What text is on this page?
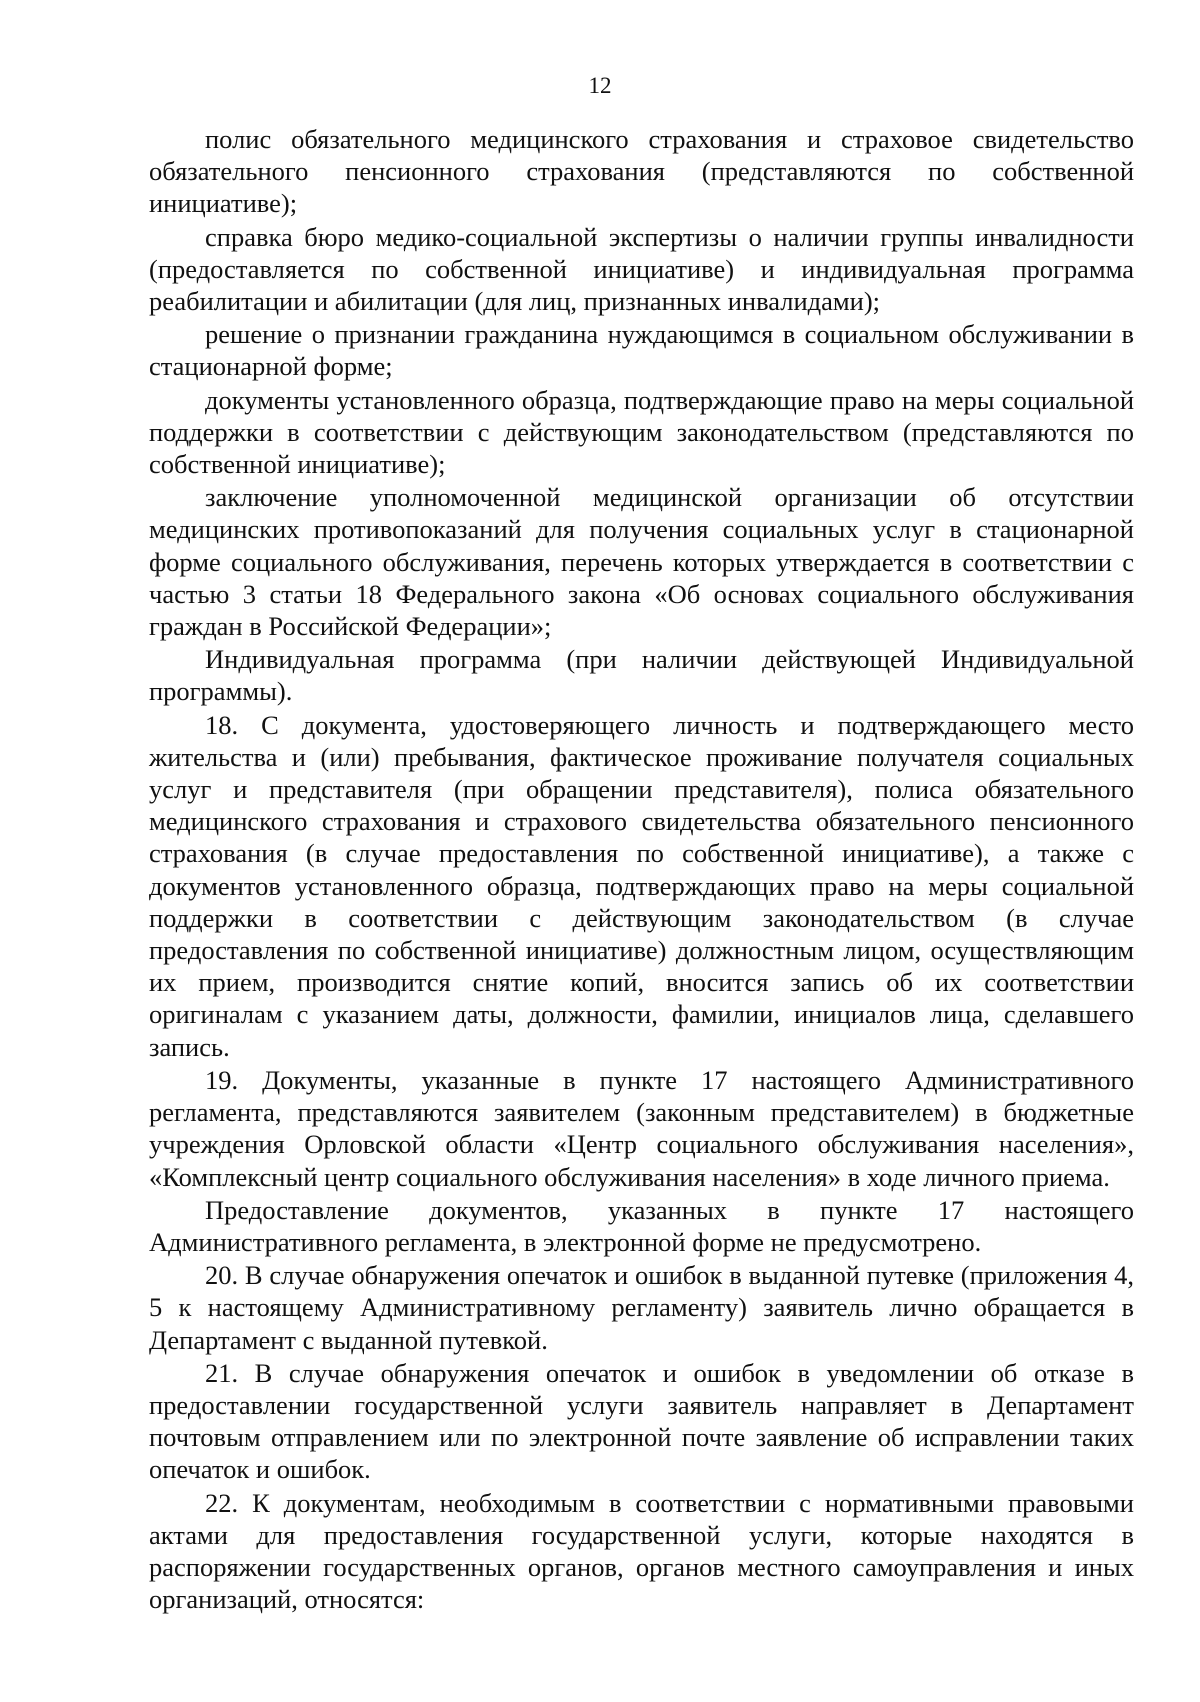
12

полис обязательного медицинского страхования и страховое свидетельство обязательного пенсионного страхования (представляются по собственной инициативе);

справка бюро медико-социальной экспертизы о наличии группы инвалидности (предоставляется по собственной инициативе) и индивидуальная программа реабилитации и абилитации (для лиц, признанных инвалидами);

решение о признании гражданина нуждающимся в социальном обслуживании в стационарной форме;

документы установленного образца, подтверждающие право на меры социальной поддержки в соответствии с действующим законодательством (представляются по собственной инициативе);

заключение уполномоченной медицинской организации об отсутствии медицинских противопоказаний для получения социальных услуг в стационарной форме социального обслуживания, перечень которых утверждается в соответствии с частью 3 статьи 18 Федерального закона «Об основах социального обслуживания граждан в Российской Федерации»;

Индивидуальная программа (при наличии действующей Индивидуальной программы).

18. С документа, удостоверяющего личность и подтверждающего место жительства и (или) пребывания, фактическое проживание получателя социальных услуг и представителя (при обращении представителя), полиса обязательного медицинского страхования и страхового свидетельства обязательного пенсионного страхования (в случае предоставления по собственной инициативе), а также с документов установленного образца, подтверждающих право на меры социальной поддержки в соответствии с действующим законодательством (в случае предоставления по собственной инициативе) должностным лицом, осуществляющим их прием, производится снятие копий, вносится запись об их соответствии оригиналам с указанием даты, должности, фамилии, инициалов лица, сделавшего запись.

19. Документы, указанные в пункте 17 настоящего Административного регламента, представляются заявителем (законным представителем) в бюджетные учреждения Орловской области «Центр социального обслуживания населения», «Комплексный центр социального обслуживания населения» в ходе личного приема.

Предоставление документов, указанных в пункте 17 настоящего Административного регламента, в электронной форме не предусмотрено.

20. В случае обнаружения опечаток и ошибок в выданной путевке (приложения 4, 5 к настоящему Административному регламенту) заявитель лично обращается в Департамент с выданной путевкой.

21. В случае обнаружения опечаток и ошибок в уведомлении об отказе в предоставлении государственной услуги заявитель направляет в Департамент почтовым отправлением или по электронной почте заявление об исправлении таких опечаток и ошибок.

22. К документам, необходимым в соответствии с нормативными правовыми актами для предоставления государственной услуги, которые находятся в распоряжении государственных органов, органов местного самоуправления и иных организаций, относятся:
